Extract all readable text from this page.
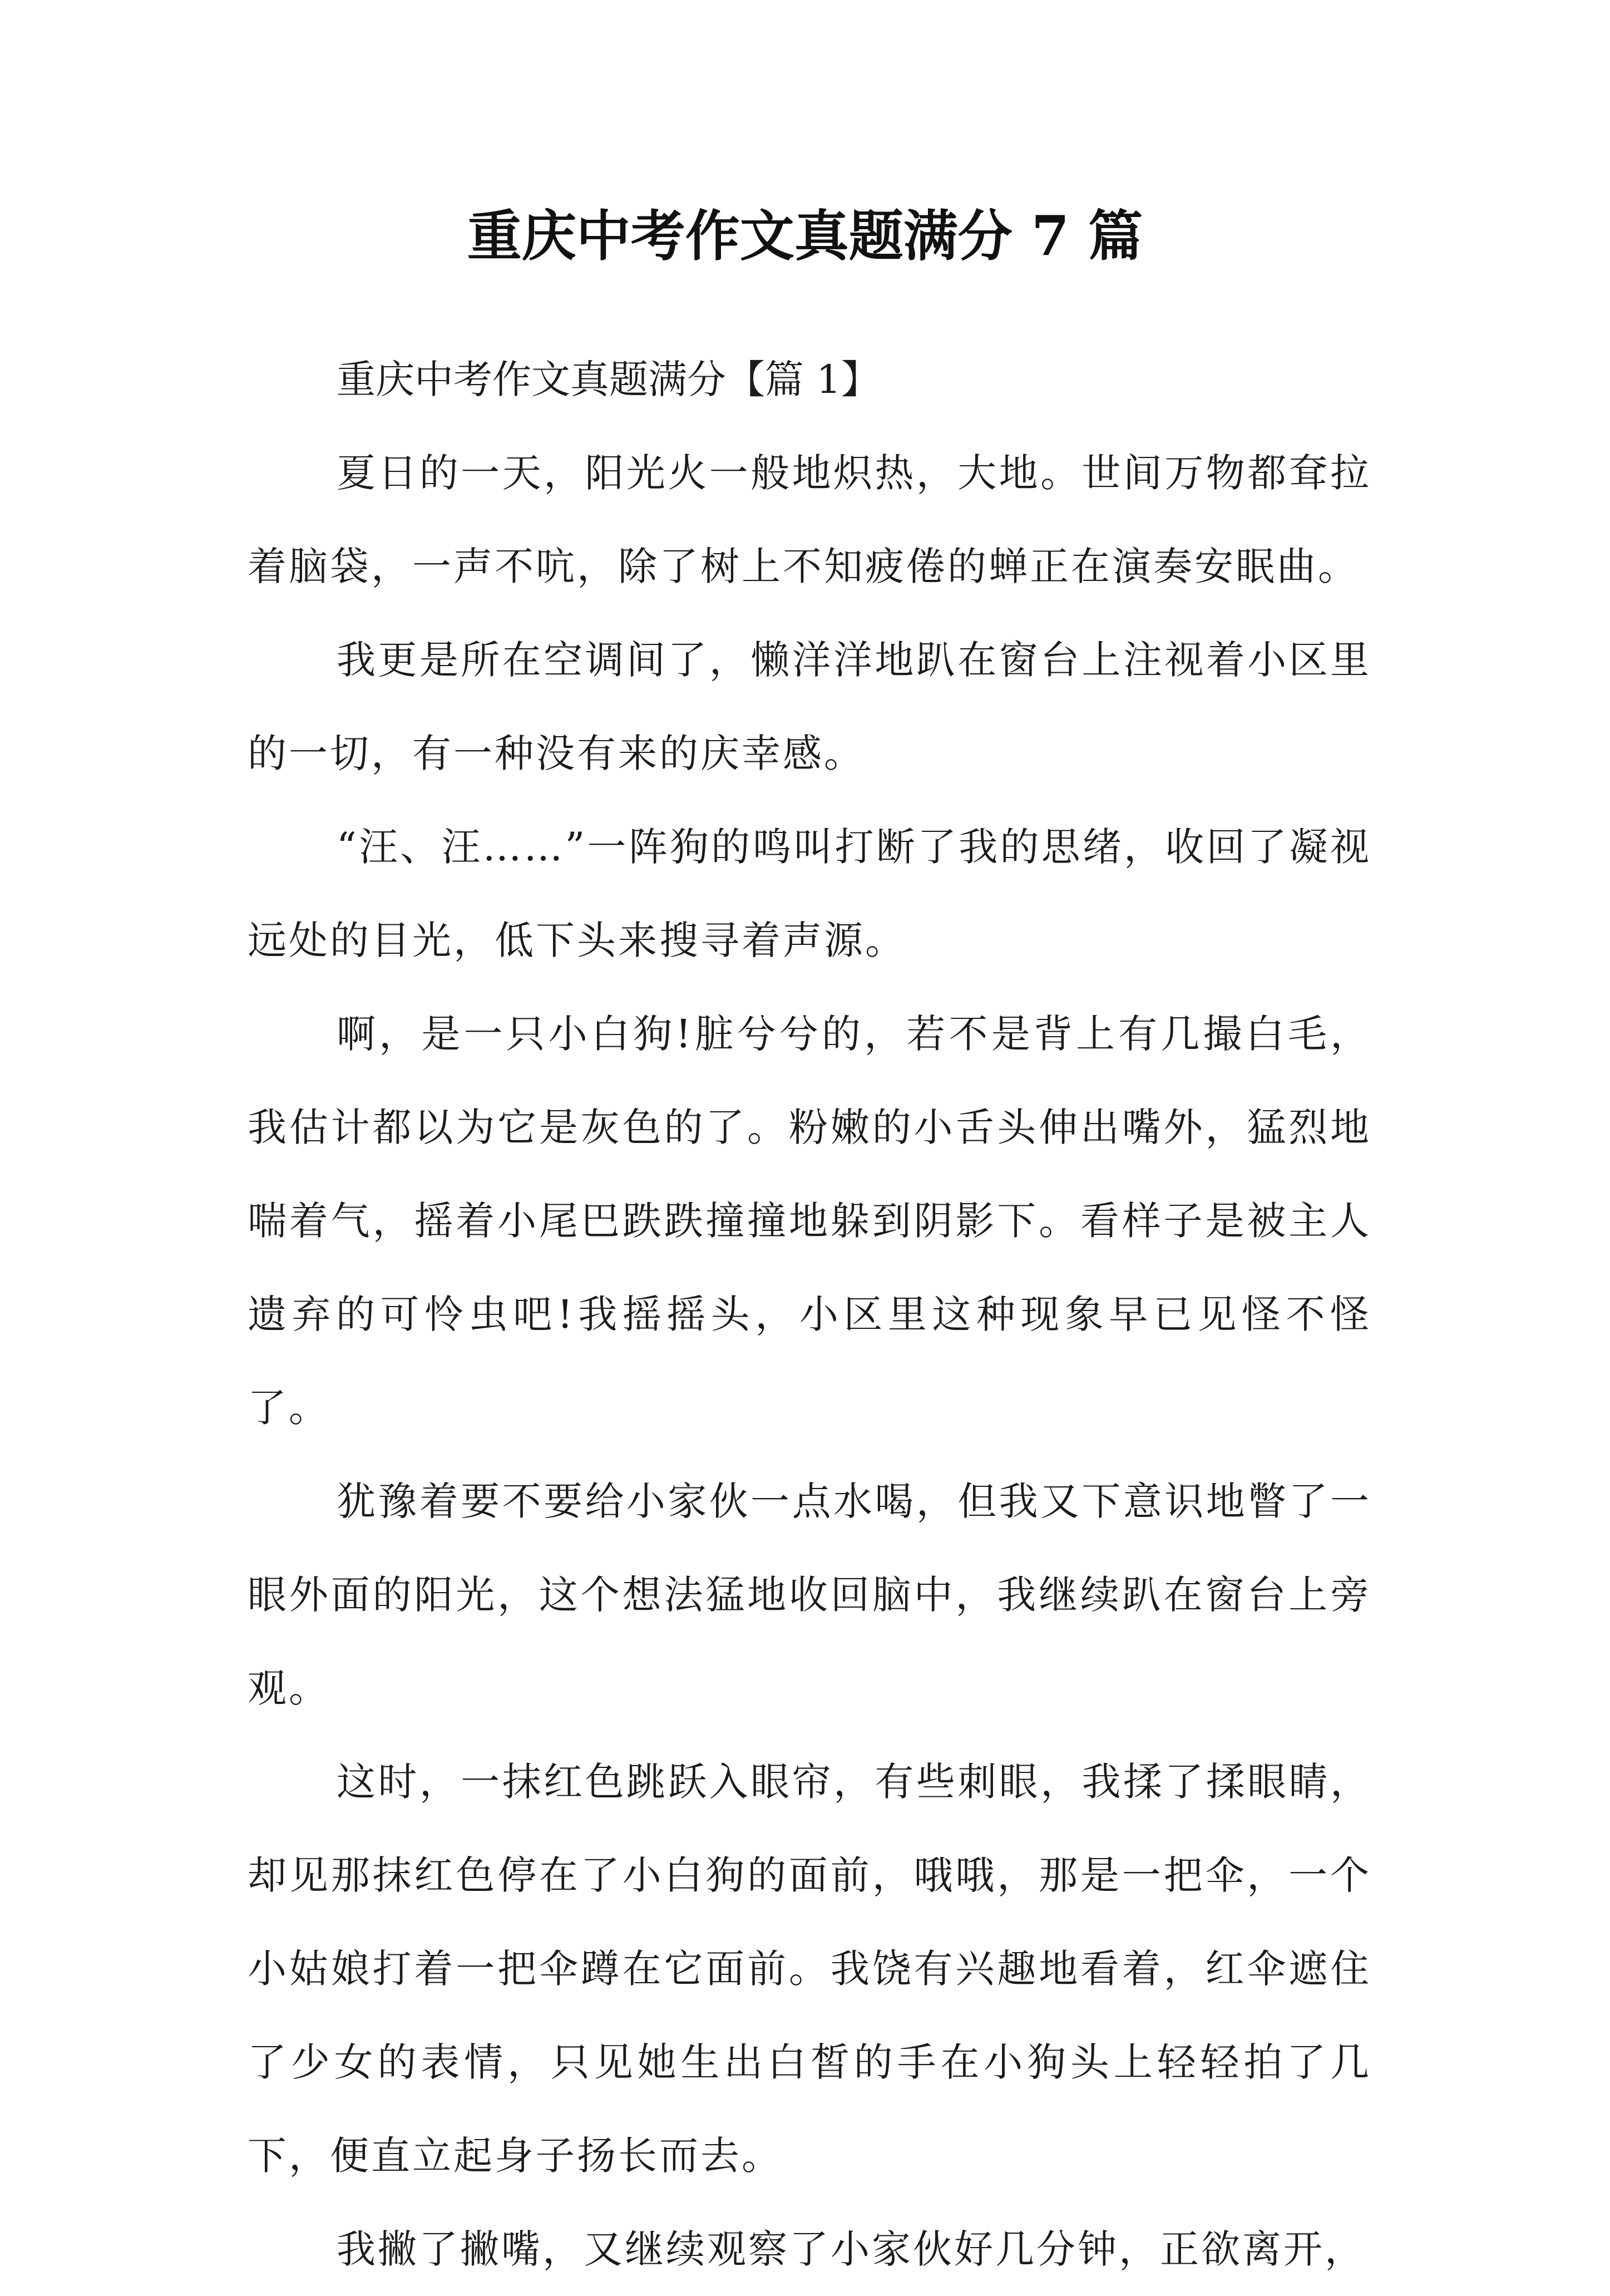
重庆中考作文真题满分 7 篇

重庆中考作文真题满分【篇 1】

夏日的一天，阳光火一般地炽热，大地。世间万物都耷拉着脑袋，一声不吭，除了树上不知疲倦的蝉正在演奏安眠曲。

我更是所在空调间了，懒洋洋地趴在窗台上注视着小区里的一切，有一种没有来的庆幸感。

“汪、汪……”一阵狗的鸣叫打断了我的思绪，收回了凝视远处的目光，低下头来搜寻着声源。

啊，是一只小白狗!脏兮兮的，若不是背上有几撮白毛，我估计都以为它是灰色的了。粉嫩的小舌头伸出嘴外，猛烈地喘着气，摇着小尾巴跌跌撞撞地躲到阴影下。看样子是被主人遗弃的可怜虫吧!我摇摇头，小区里这种现象早已见怪不怪了。

犹豫着要不要给小家伙一点水喝，但我又下意识地瞥了一眼外面的阳光，这个想法猛地收回脑中，我继续趴在窗台上旁观。

这时，一抹红色跳跃入眼帘，有些刺眼，我揉了揉眼睛，却见那抹红色停在了小白狗的面前，哦哦，那是一把伞，一个小姑娘打着一把伞蹲在它面前。我饶有兴趣地看着，红伞遮住了少女的表情，只见她生出白皙的手在小狗头上轻轻拍了几下，便直立起身子扬长而去。

我撇了撇嘴，又继续观察了小家伙好几分钟，正欲离开，
